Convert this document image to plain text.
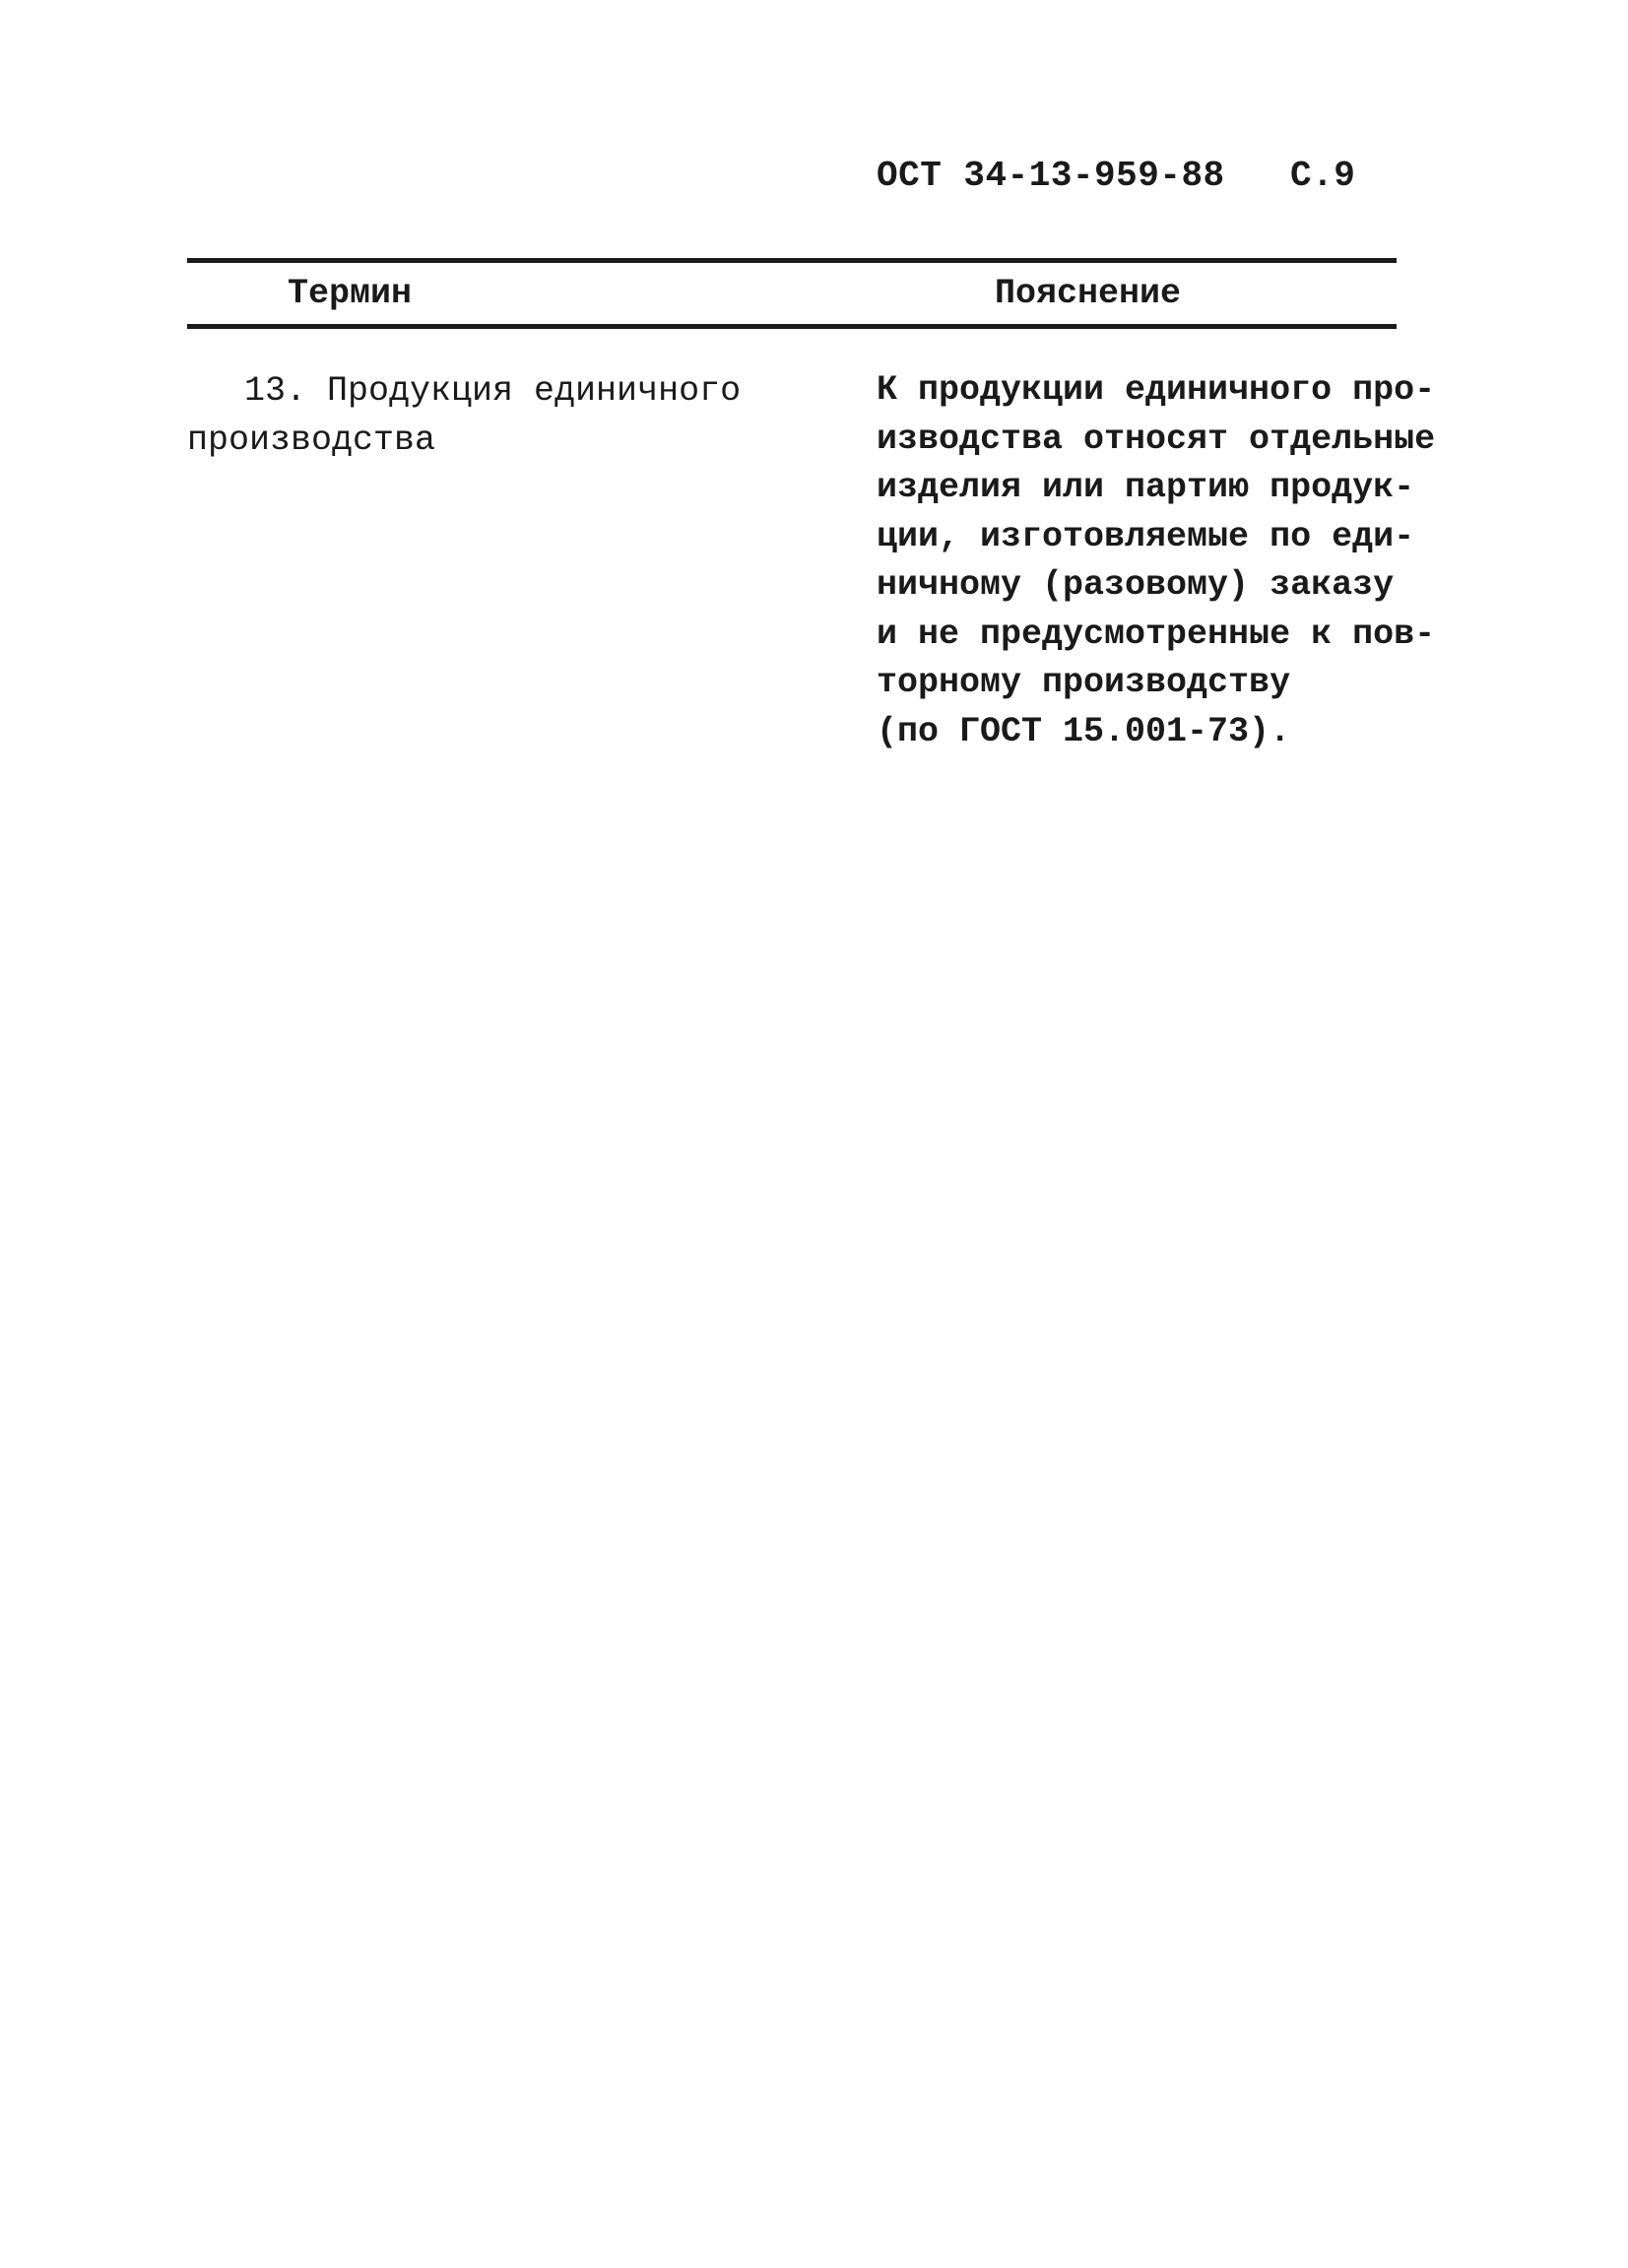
ОСТ 34-13-959-88 С.9
Термин	Пояснение
13. Продукция единичного
производства
К продукции единичного про-
изводства относят отдельные
изделия или партию продук-
ции, изготовляемые по еди-
ничному (разовому) заказу
и не предусмотренные к пов-
торному производству
(по ГОСТ 15.001-73).
